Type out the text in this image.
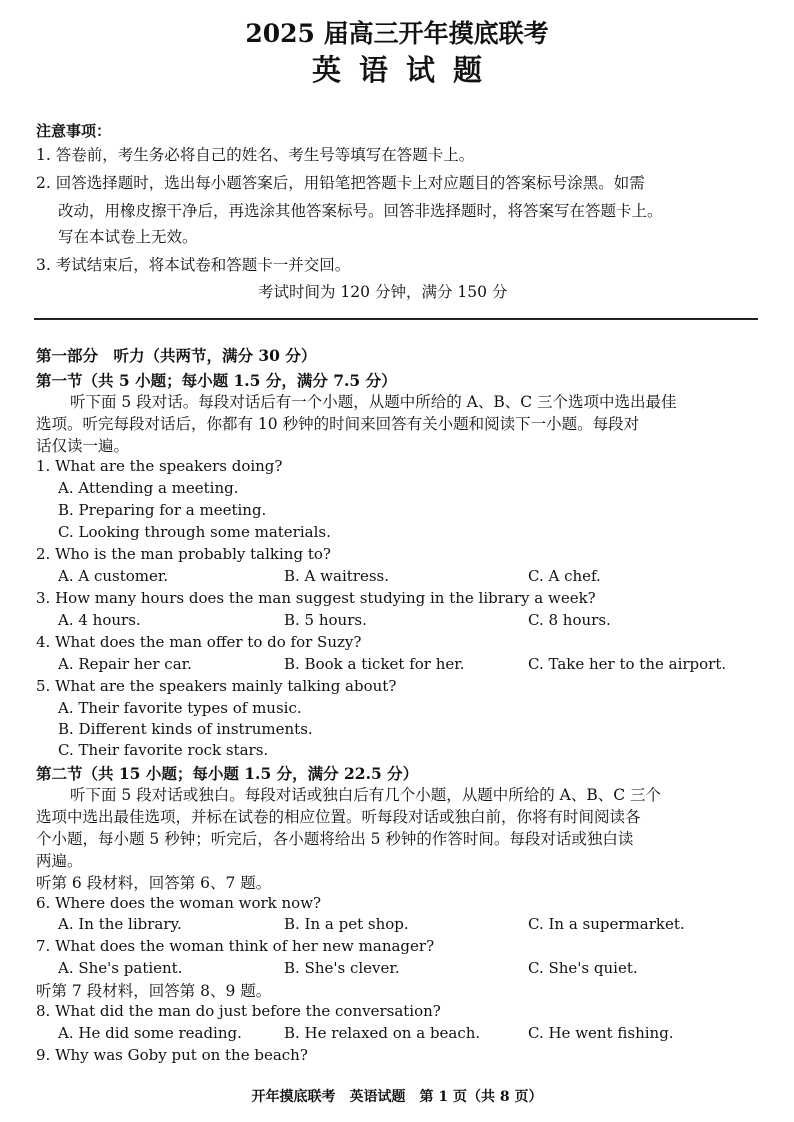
2025 届高三开年摸底联考
英语试题
注意事项：
1. 答卷前，考生务必将自己的姓名、考生号等填写在答题卡上。
2. 回答选择题时，选出每小题答案后，用铅笔把答题卡上对应题目的答案标号涂黑。如需
改动，用橡皮擦干净后，再选涂其他答案标号。回答非选择题时，将答案写在答题卡上。
写在本试卷上无效。
3. 考试结束后，将本试卷和答题卡一并交回。
考试时间为 120 分钟，满分 150 分
第一部分　听力（共两节，满分 30 分）
第一节（共 5 小题；每小题 1.5 分，满分 7.5 分）
听下面 5 段对话。每段对话后有一个小题，从题中所给的 A、B、C 三个选项中选出最佳
选项。听完每段对话后，你都有 10 秒钟的时间来回答有关小题和阅读下一小题。每段对
话仅读一遍。
1. What are the speakers doing?
A. Attending a meeting.
B. Preparing for a meeting.
C. Looking through some materials.
2. Who is the man probably talking to?
A. A customer.	B. A waitress.	C. A chef.
3. How many hours does the man suggest studying in the library a week?
A. 4 hours.	B. 5 hours.	C. 8 hours.
4. What does the man offer to do for Suzy?
A. Repair her car.	B. Book a ticket for her.	C. Take her to the airport.
5. What are the speakers mainly talking about?
A. Their favorite types of music.
B. Different kinds of instruments.
C. Their favorite rock stars.
第二节（共 15 小题；每小题 1.5 分，满分 22.5 分）
听下面 5 段对话或独白。每段对话或独白后有几个小题，从题中所给的 A、B、C 三个
选项中选出最佳选项，并标在试卷的相应位置。听每段对话或独白前，你将有时间阅读各
个小题，每小题 5 秒钟；听完后，各小题将给出 5 秒钟的作答时间。每段对话或独白读
两遍。
听第 6 段材料，回答第 6、7 题。
6. Where does the woman work now?
A. In the library.	B. In a pet shop.	C. In a supermarket.
7. What does the woman think of her new manager?
A. She's patient.	B. She's clever.	C. She's quiet.
听第 7 段材料，回答第 8、9 题。
8. What did the man do just before the conversation?
A. He did some reading.	B. He relaxed on a beach.	C. He went fishing.
9. Why was Goby put on the beach?
开年摸底联考　英语试题　第 1 页（共 8 页）
